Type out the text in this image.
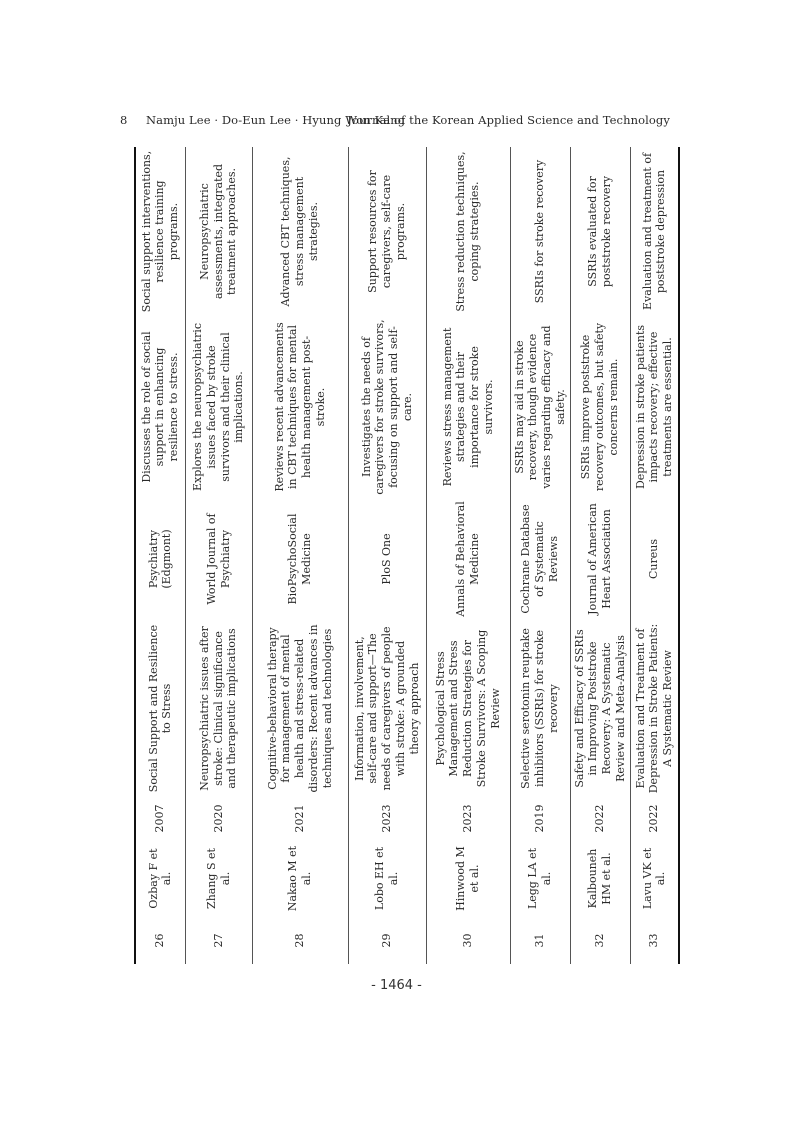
8 Namju Lee · Do-Eun Lee · Hyung Won Kang
Journal of the Korean Applied Science and Technology
26	Ozbay F et al.	2007	Social Support and Resilience to Stress	Psychiatry (Edgmont)	Discusses the role of social support in enhancing resilience to stress.	Social support interventions, resilience training programs.
27	Zhang S et al.	2020	Neuropsychiatric issues after stroke: Clinical significance and therapeutic implications	World Journal of Psychiatry	Explores the neuropsychiatric issues faced by stroke survivors and their clinical implications.	Neuropsychiatric assessments, integrated treatment approaches.
28	Nakao M et al.	2021	Cognitive-behavioral therapy for management of mental health and stress-related disorders: Recent advances in techniques and technologies	BioPsychoSocial Medicine	Reviews recent advancements in CBT techniques for mental health management post-stroke.	Advanced CBT techniques, stress management strategies.
29	Lobo EH et al.	2023	Information, involvement, self-care and support—The needs of caregivers of people with stroke: A grounded theory approach	PloS One	Investigates the needs of caregivers for stroke survivors, focusing on support and self-care.	Support resources for caregivers, self-care programs.
30	Hinwood M et al.	2023	Psychological Stress Management and Stress Reduction Strategies for Stroke Survivors: A Scoping Review	Annals of Behavioral Medicine	Reviews stress management strategies and their importance for stroke survivors.	Stress reduction techniques, coping strategies.
31	Legg LA et al.	2019	Selective serotonin reuptake inhibitors (SSRIs) for stroke recovery	Cochrane Database of Systematic Reviews	SSRIs may aid in stroke recovery, though evidence varies regarding efficacy and safety.	SSRIs for stroke recovery
32	Kalbouneh HM et al.	2022	Safety and Efficacy of SSRIs in Improving Poststroke Recovery: A Systematic Review and Meta-Analysis	Journal of American Heart Association	SSRIs improve poststroke recovery outcomes, but safety concerns remain.	SSRIs evaluated for poststroke recovery
33	Lavu VK et al.	2022	Evaluation and Treatment of Depression in Stroke Patients: A Systematic Review	Cureus	Depression in stroke patients impacts recovery; effective treatments are essential.	Evaluation and treatment of poststroke depression
- 1464 -
